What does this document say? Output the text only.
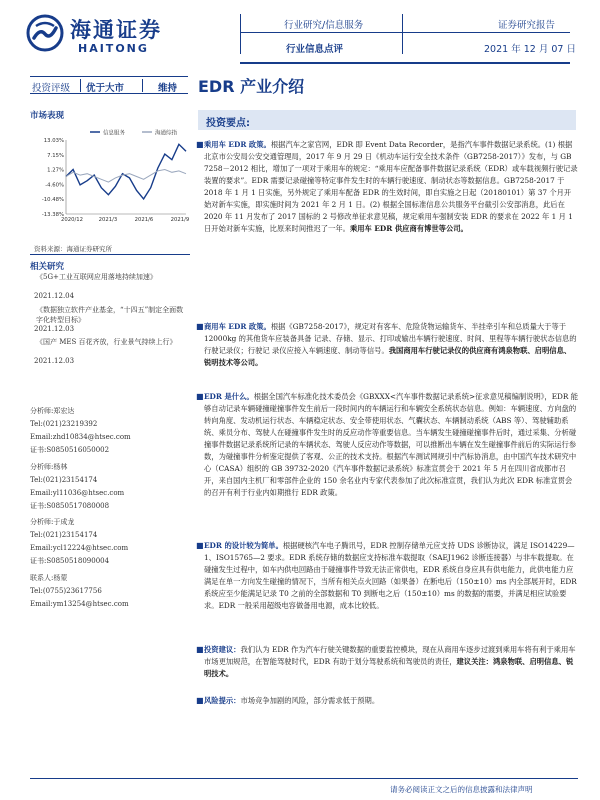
海通证券
HAITONG
行业研究/信息服务
行业信息点评
证券研究报告
2021 年 12 月 07 日
投资评级 优于大市	维持 EDR 产业介绍
市场表现
信息服务	海通综指
13.03%
7.15%
1.27%
-4.60%
-10.48%
-13.38%
2020/12	2021/3	2021/6	2021/9
资料来源：海通证券研究所
相关研究
《5G+工业互联网应用落地持续加速》
2021.12.04
《数据独立软件产业基金，“十四五”制定全面数字化转型目标》
2021.12.03
《国产 MES 百花齐放，行业景气持续上行》
2021.12.03
分析师:郑宏达
Tel:(021)23219392
Email:zhd10834@htsec.com
证书:S0850516050002
分析师:杨林
Tel:(021)23154174
Email:yl11036@htsec.com
证书:S0850517080008
分析师:于成龙
Tel:(021)23154174
Email:ycl12224@htsec.com
证书:S0850518090004
联系人:杨蒙
Tel:(0755)23617756
Email:ym13254@htsec.com
投资要点:
■ 乘用车 EDR 政策。根据汽车之家官网，EDR 即 Event Data Recorder，是指汽车事件数据记录系统。(1) 根据北京市公安局公安交通管理局，2017 年 9 月 29 日《机动车运行安全技术条件（GB7258-2017）》发布，与 GB 7258－2012 相比，增加了一项对于乘用车的规定：“乘用车应配备事件数据记录系统（EDR）或车载视频行驶记录装置的要求”。EDR 需要记录碰撞等特定事件发生时的车辆行驶速度、制动状态等数据信息。GB7258-2017 于 2018 年 1 月 1 日实施，另外规定了乘用车配备 EDR 的生效时间，即自实施之日起（20180101）第 37 个月开始对新车实施，即实施时间为 2021 年 2 月 1 日。(2) 根据全国标准信息公共服务平台截引公安部消息，此后在 2020 年 11 月发布了 2017 国标的 2 号修改单征求意见稿，规定乘用车强制安装 EDR 的要求在 2022 年 1 月 1 日开始对新车实施，比原来时间推迟了一年。乘用车 EDR 供应商有博世等公司。
■ 商用车 EDR 政策。根据《GB7258-2017》，规定对有客车、危险货物运输货车、半挂牵引车和总质量大于等于 12000kg 的其他货车应装备具备 记录、存储、显示、打印或输出车辆行驶速度、时间、里程等车辆行驶状态信息的行驶记录仪；行驶记 录仪应接入车辆速度、制动等信号。我国商用车行驶记录仪的供应商有鸿泉物联、启明信息、锐明技术等公司。
■ EDR 是什么。根据全国汽车标准化技术委员会《GBXXX<汽车事件数据记录系统>征求意见稿编制说明》，EDR 能够自动记录车辆碰撞碰撞事件发生前后一段时间内的车辆运行和车辆安全系统状态信息。例如：车辆速度、方向盘的转向角度、发动机运行状态、车辆稳定状态、安全带使用状态、气囊状态、车辆制动系统（ABS 等）、驾驶辅助系统、乘员分布、驾驶人在碰撞事件发生时的反应动作等重要信息。当车辆发生碰撞碰撞事件后时，通过采集、分析碰撞事件数据记录系统所记录的车辆状态、驾驶人反应动作等数据，可以推断出车辆在发生碰撞事件前后的实际运行参数，为碰撞事件分析鉴定提供了客观、公正的技术支持。根据汽车测试网规引中汽标协消息，由中国汽车技术研究中心（CASA）组织的 GB 39732-2020《汽车事件数据记录系统》标准宣贯会于 2021 年 5 月在四川省成都市召开，来自国内主机厂和零部件企业的 150 余名业内专家代表参加了此次标准宣贯，我们认为此次 EDR 标准宣贯会的召开有利于行业内如期推行 EDR 政策。
■ EDR 的设计较为简单。根据硬核汽车电子腾讯号，EDR 控制存储单元应支持 UDS 诊断协议，满足 ISO14229—1、ISO15765—2 要求。EDR 系统存储的数据应支持标准车载提取（SAEJ1962 诊断连接器）与非车载提取。在碰撞发生过程中，如车内供电回路由于碰撞事件导致无法正常供电，EDR 系统自身应具有供电能力，此供电能力应满足在单一方向发生碰撞的情况下，当所有相关点火回路（如果备）在断电后（150±10）ms 内全部展开时，EDR 系统应至少能满足记录 T0 之前的全部数据和 T0 到断电之后（150±10）ms 的数据的需要，并满足相应试验要求。EDR 一般采用超级电容做备用电源，成本比较低。
■ 投资建议：我们认为 EDR 作为汽车行驶关键数据的重要监控模块，现在从商用车逐步过渡到乘用车将有利于乘用车市场更加规范，在智能驾驶时代，EDR 有助于划分驾驶系统和驾驶员的责任，建议关注：鸿泉物联、启明信息、锐明技术。
■ 风险提示：市场竞争加剧的风险，部分需求低于预期。
请务必阅读正文之后的信息披露和法律声明
